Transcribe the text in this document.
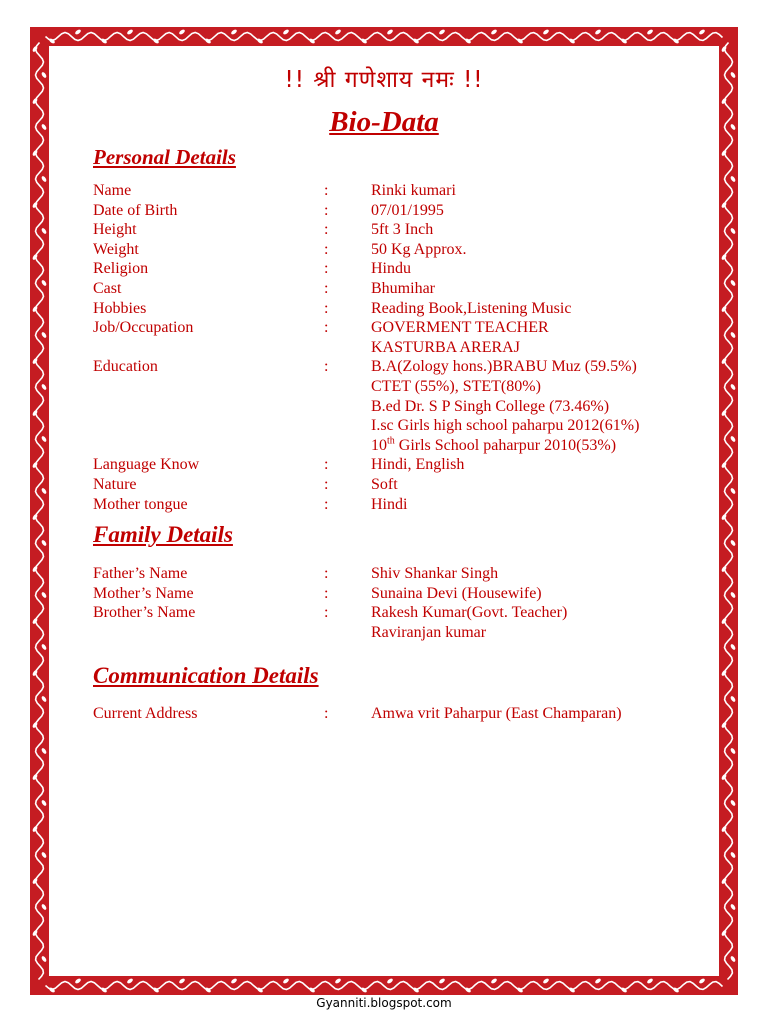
!! श्री गणेशाय नमः !!
Bio-Data
Personal Details
Name	:	Rinki kumari
Date of Birth	:	07/01/1995
Height	:	5ft 3 Inch
Weight	:	50 Kg Approx.
Religion	:	Hindu
Cast	:	Bhumihar
Hobbies	:	Reading Book,Listening Music
Job/Occupation	:	GOVERMENT TEACHER
KASTURBA ARERAJ
Education	:	B.A(Zology hons.)BRABU Muz (59.5%)
CTET (55%), STET(80%)
B.ed Dr. S P Singh College (73.46%)
I.sc Girls high school paharpu 2012(61%)
10th Girls School paharpur 2010(53%)
Language Know	:	Hindi, English
Nature	:	Soft
Mother tongue	:	Hindi
Family Details
Father’s Name	:	Shiv Shankar Singh
Mother’s Name	:	Sunaina Devi (Housewife)
Brother’s Name	:	Rakesh Kumar(Govt. Teacher)
Raviranjan kumar
Communication Details
Current Address	:	Amwa vrit Paharpur (East Champaran)
Gyanniti.blogspot.com
